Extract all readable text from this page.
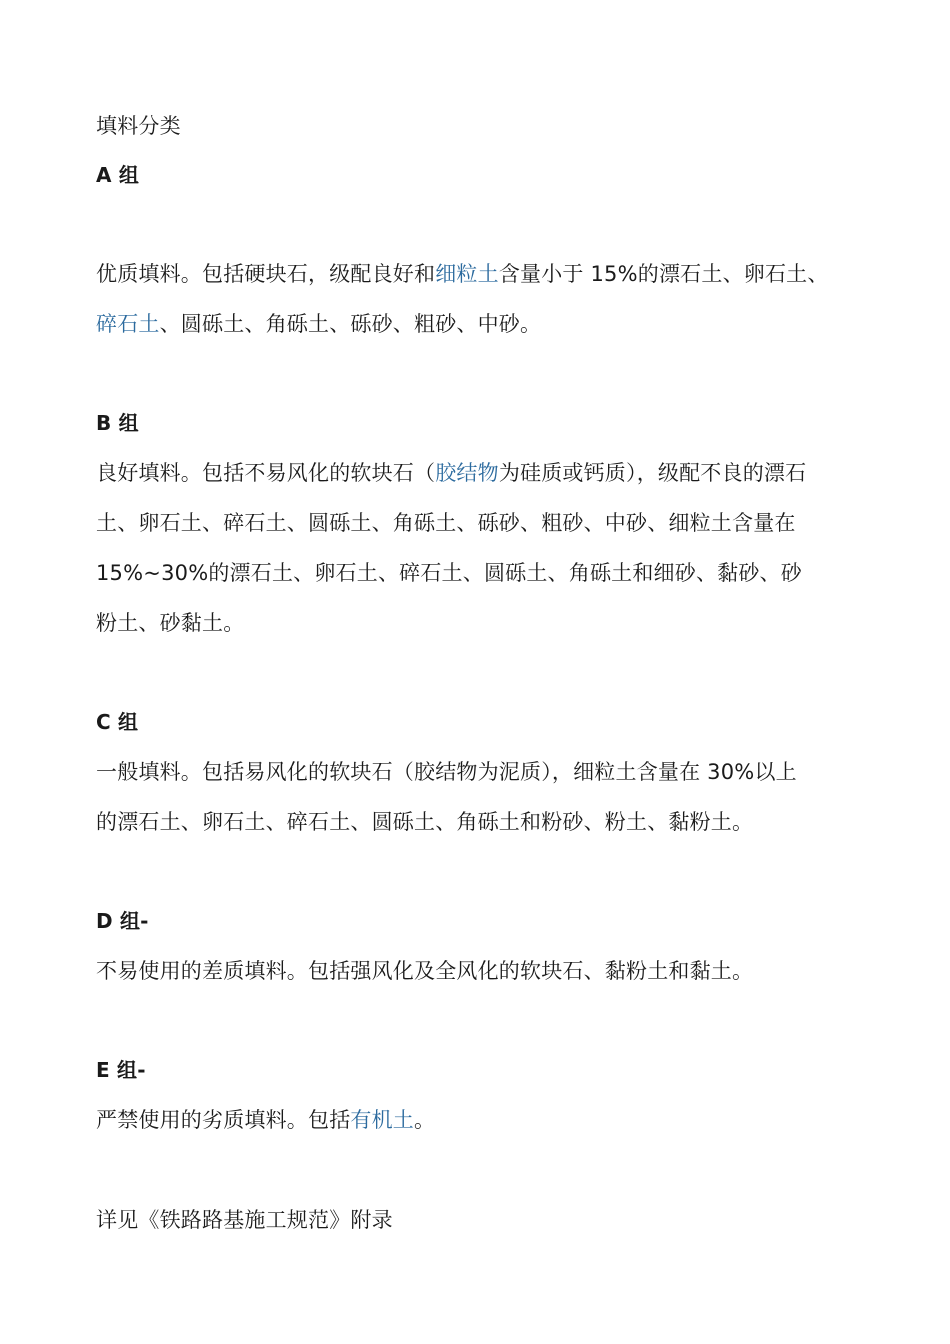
填料分类
A 组
优质填料。包括硬块石，级配良好和细粒土含量小于 15%的漂石土、卵石土、
碎石土、圆砾土、角砾土、砾砂、粗砂、中砂。
B 组
良好填料。包括不易风化的软块石（胶结物为硅质或钙质），级配不良的漂石
土、卵石土、碎石土、圆砾土、角砾土、砾砂、粗砂、中砂、细粒土含量在
15%~30%的漂石土、卵石土、碎石土、圆砾土、角砾土和细砂、黏砂、砂
粉土、砂黏土。
C 组
一般填料。包括易风化的软块石（胶结物为泥质），细粒土含量在 30%以上
的漂石土、卵石土、碎石土、圆砾土、角砾土和粉砂、粉土、黏粉土。
D 组-
不易使用的差质填料。包括强风化及全风化的软块石、黏粉土和黏土。
E 组-
严禁使用的劣质填料。包括有机土。
详见《铁路路基施工规范》附录
